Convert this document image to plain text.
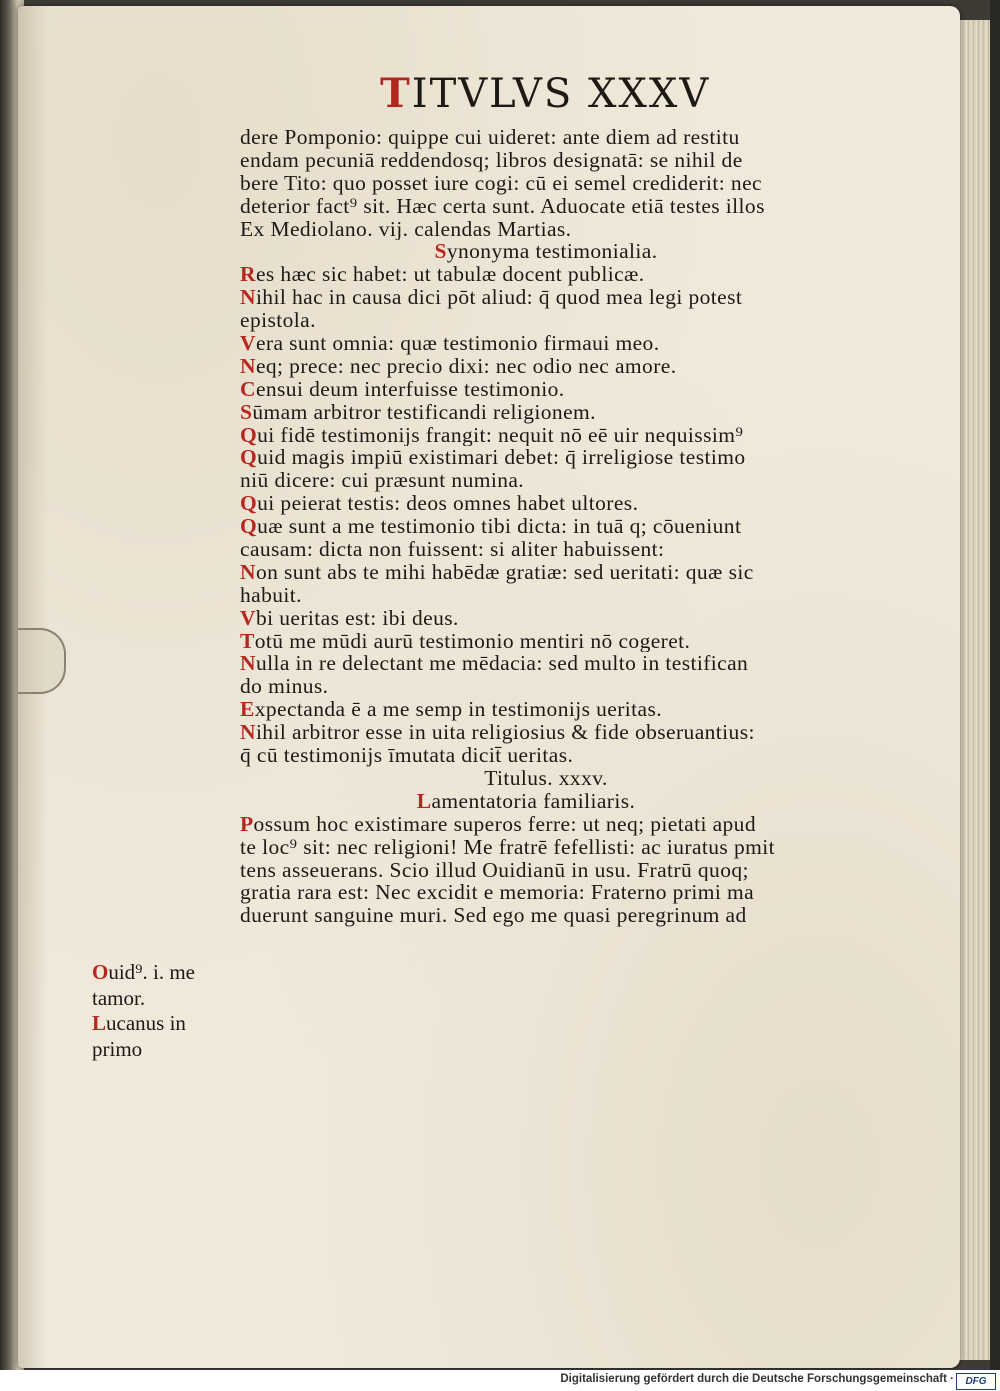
TITVLVS XXXV
dere Pomponio: quippe cui uideret: ante diem ad restitu
endam pecuniā reddendosq; libros designatā: se nihil de
bere Tito: quo posset iure cogi: cū ei semel crediderit: nec
deterior fact⁹ sit. Hæc certa sunt. Aduocate etiā testes illos
Ex Mediolano. vij. calendas Martias.
Synonyma testimonialia.
Res hæc sic habet: ut tabulæ docent publicæ.
Nihil hac in causa dici pōt aliud: q̄ quod mea legi potest
epistola.
Vera sunt omnia: quæ testimonio firmaui meo.
Neq; prece: nec precio dixi: nec odio nec amore.
Censui deum interfuisse testimonio.
Sūmam arbitror testificandi religionem.
Qui fidē testimonijs frangit: nequit nō eē uir nequissim⁹
Quid magis impiū existimari debet: q̄ irreligiose testimo
niū dicere: cui præsunt numina.
Qui peierat testis: deos omnes habet ultores.
Quæ sunt a me testimonio tibi dicta: in tuā q; cōueniunt
causam: dicta non fuissent: si aliter habuissent:
Non sunt abs te mihi habēdæ gratiæ: sed ueritati: quæ sic
habuit.
Vbi ueritas est: ibi deus.
Totū me mūdi aurū testimonio mentiri nō cogeret.
Nulla in re delectant me mēdacia: sed multo in testifican
do minus.
Expectanda ē a me semp in testimonijs ueritas.
Nihil arbitror esse in uita religiosius & fide obseruantius:
q̄ cū testimonijs īmutata dicit̄ ueritas.
Titulus. xxxv.
Lamentatoria familiaris.
Possum hoc existimare superos ferre: ut neq; pietati apud
te loc⁹ sit: nec religioni! Me fratrē fefellisti: ac iuratus pmit
tens asseuerans. Scio illud Ouidianū in usu. Fratrū quoq;
gratia rara est: Nec excidit e memoria: Fraterno primi ma
duerunt sanguine muri. Sed ego me quasi peregrinum ad
Ouid⁹. i. me
tamor.
Lucanus in
primo
Digitalisierung gefördert durch die Deutsche Forschungsgemeinschaft ·	DFG
